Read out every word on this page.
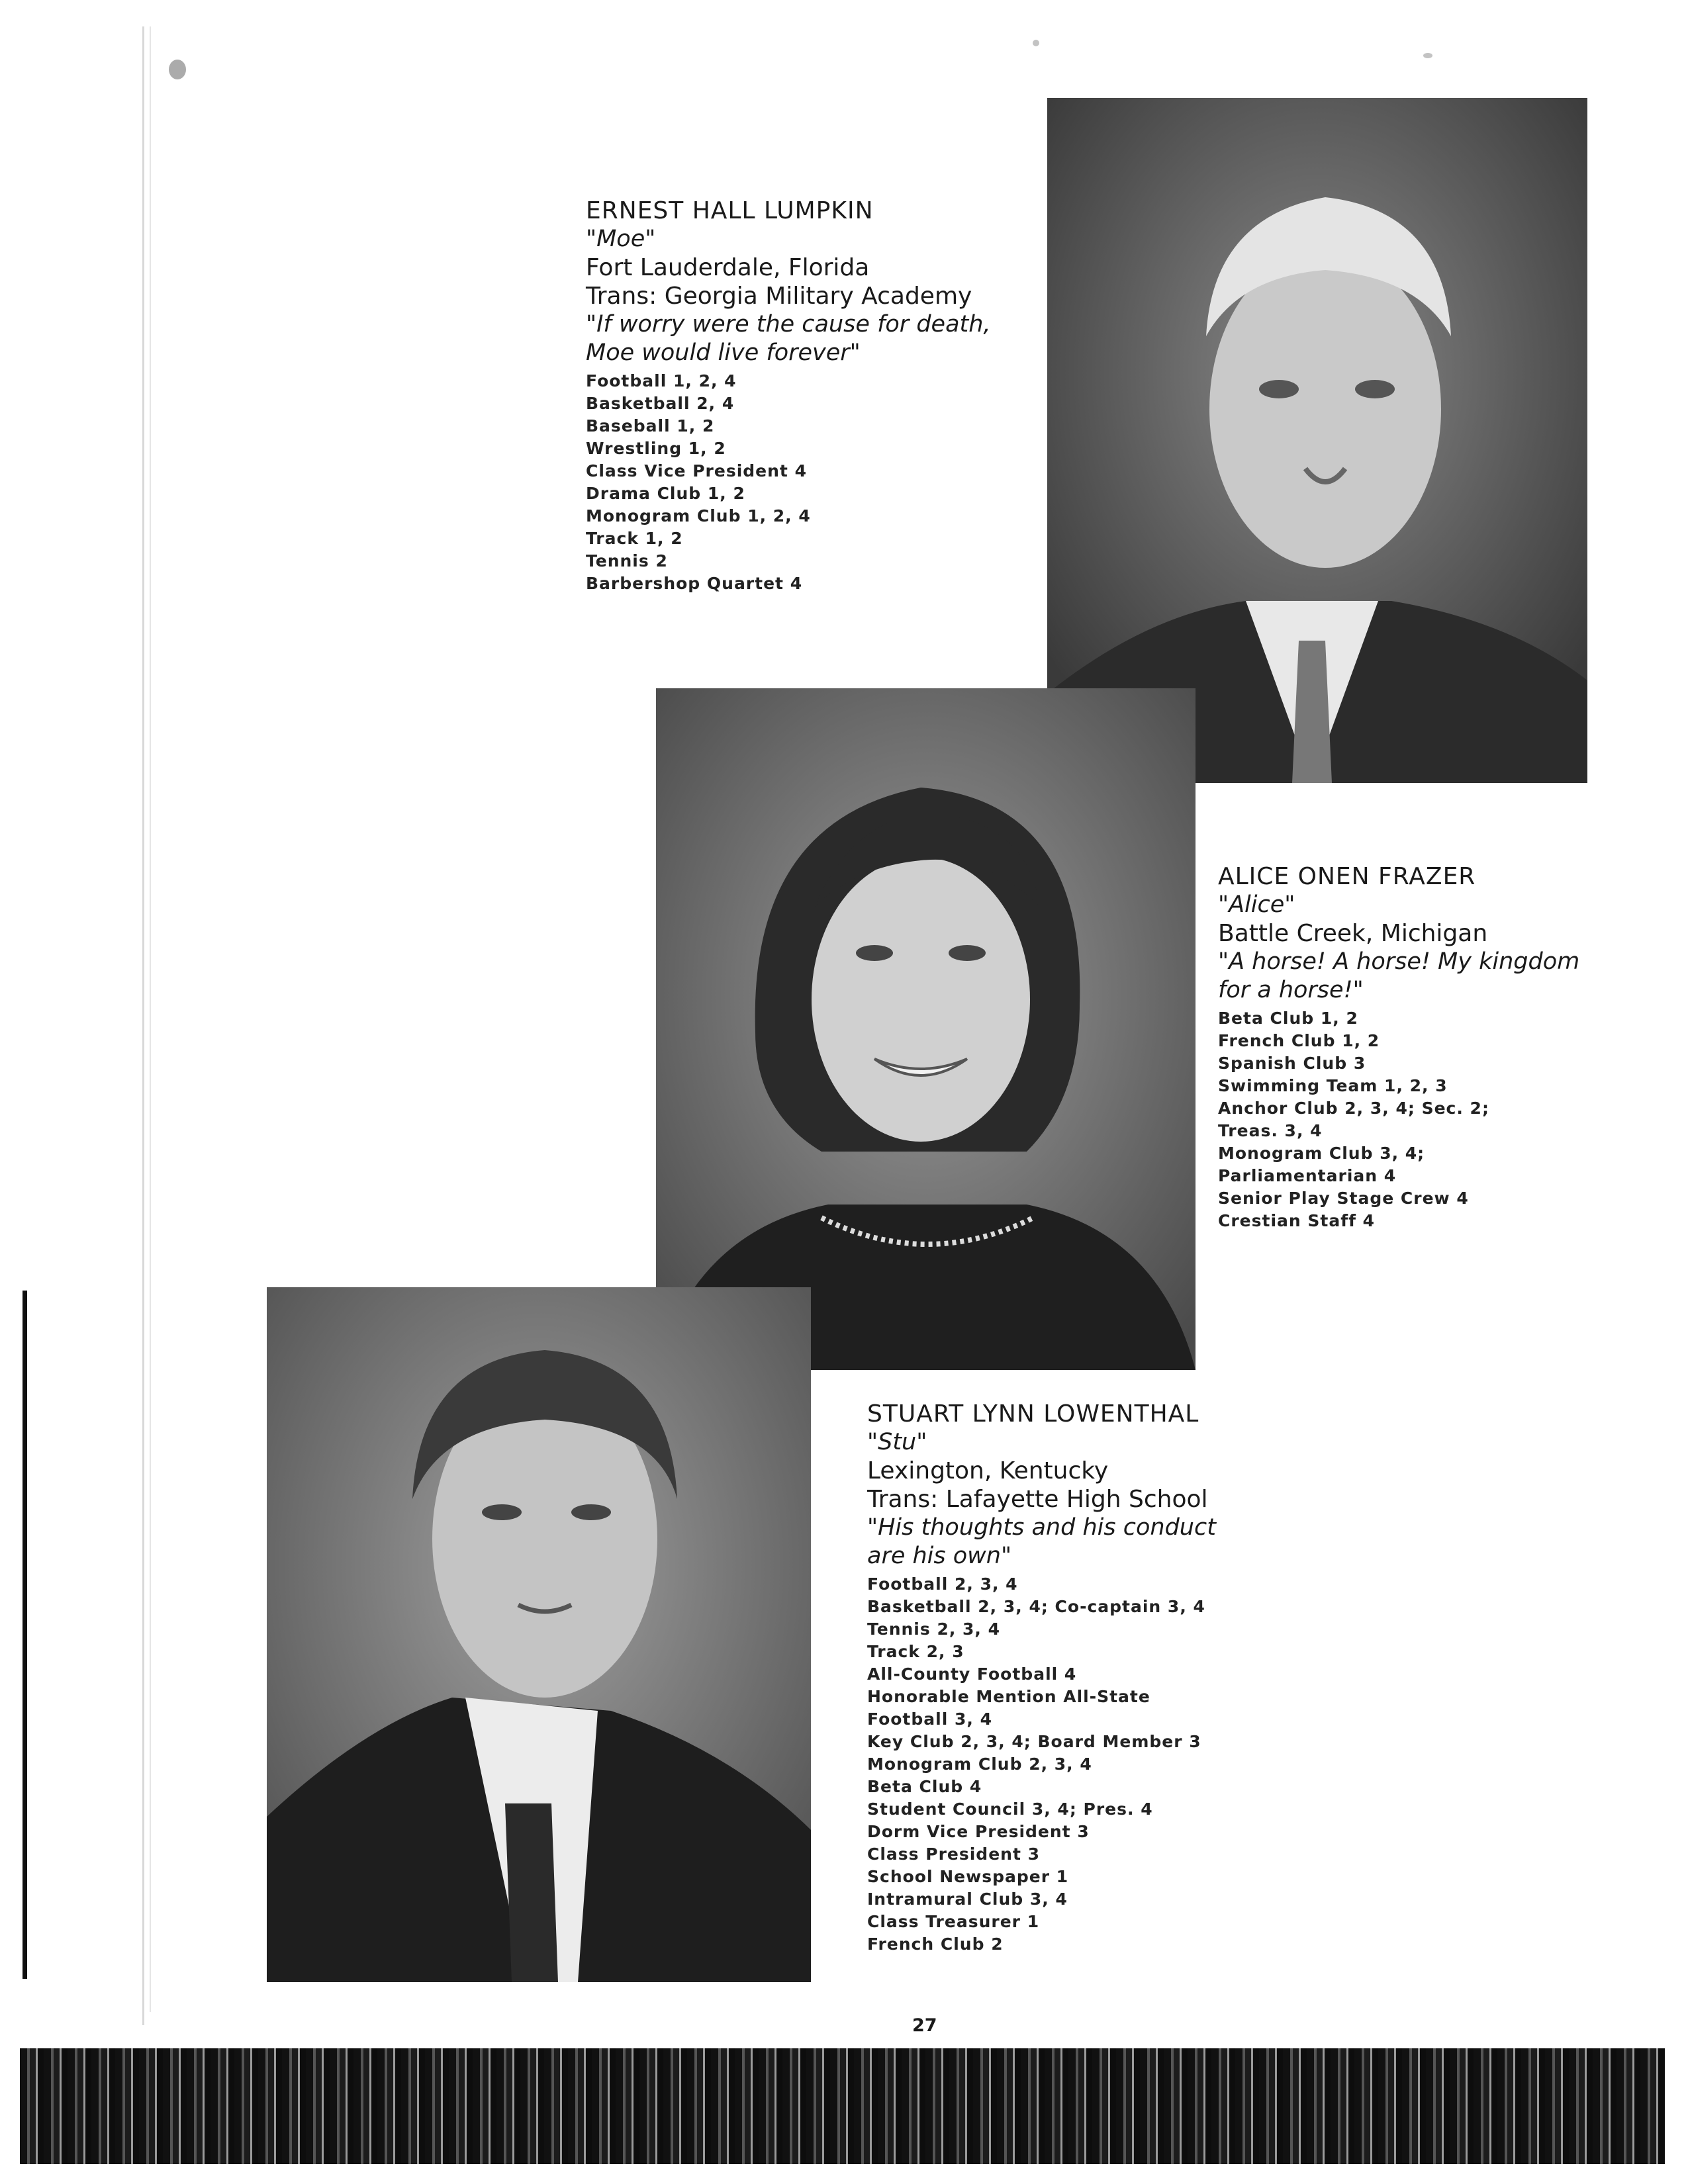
ERNEST HALL LUMPKIN
"Moe"
Fort Lauderdale, Florida
Trans: Georgia Military Academy
"If worry were the cause for death,
Moe would live forever"
Football 1, 2, 4
Basketball 2, 4
Baseball 1, 2
Wrestling 1, 2
Class Vice President 4
Drama Club 1, 2
Monogram Club 1, 2, 4
Track 1, 2
Tennis 2
Barbershop Quartet 4
ALICE ONEN FRAZER
"Alice"
Battle Creek, Michigan
"A horse! A horse! My kingdom
for a horse!"
Beta Club 1, 2
French Club 1, 2
Spanish Club 3
Swimming Team 1, 2, 3
Anchor Club 2, 3, 4; Sec. 2;
Treas. 3, 4
Monogram Club 3, 4;
Parliamentarian 4
Senior Play Stage Crew 4
Crestian Staff 4
STUART LYNN LOWENTHAL
"Stu"
Lexington, Kentucky
Trans: Lafayette High School
"His thoughts and his conduct
are his own"
Football 2, 3, 4
Basketball 2, 3, 4; Co-captain 3, 4
Tennis 2, 3, 4
Track 2, 3
All-County Football 4
Honorable Mention All-State
Football 3, 4
Key Club 2, 3, 4; Board Member 3
Monogram Club 2, 3, 4
Beta Club 4
Student Council 3, 4; Pres. 4
Dorm Vice President 3
Class President 3
School Newspaper 1
Intramural Club 3, 4
Class Treasurer 1
French Club 2
27
